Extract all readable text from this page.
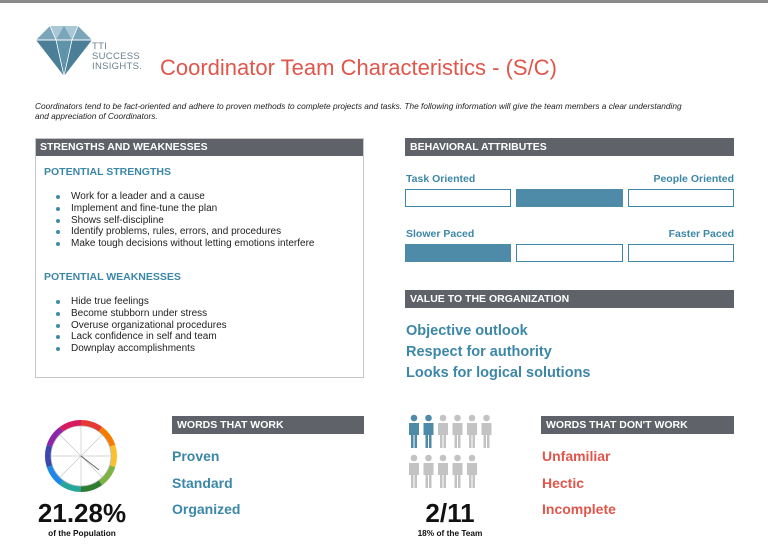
TTI
SUCCESS
INSIGHTS. Coordinator Team Characteristics - (S/C)
Coordinators tend to be fact-oriented and adhere to proven methods to complete projects and tasks. The following information will give the team members a clear understanding and appreciation of Coordinators.
STRENGTHS AND WEAKNESSES
POTENTIAL STRENGTHS
Work for a leader and a cause
Implement and fine-tune the plan
Shows self-discipline
Identify problems, rules, errors, and procedures
Make tough decisions without letting emotions interfere
POTENTIAL WEAKNESSES
Hide true feelings
Become stubborn under stress
Overuse organizational procedures
Lack confidence in self and team
Downplay accomplishments
BEHAVIORAL ATTRIBUTES
Task Oriented	People Oriented
Slower Paced	Faster Paced
VALUE TO THE ORGANIZATION
Objective outlook
Respect for authority
Looks for logical solutions
21.28%
of the Population
WORDS THAT WORK
Proven
Standard
Organized	2/11
18% of the Team
WORDS THAT DON'T WORK
Unfamiliar
Hectic
Incomplete
